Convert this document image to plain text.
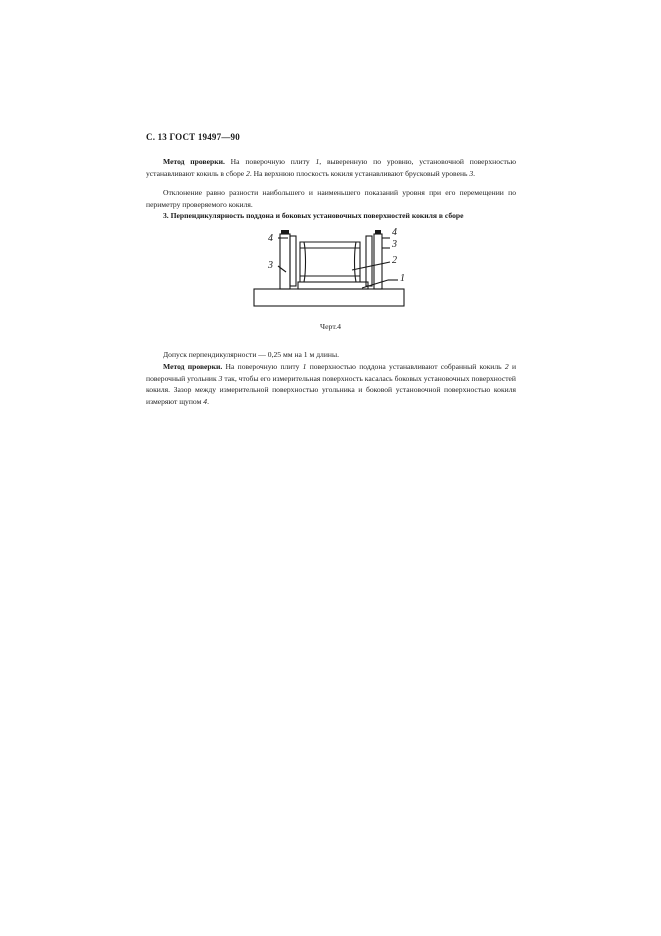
С. 13 ГОСТ 19497—90
Метод проверки. На поверочную плиту 1, выверенную по уровню, установочной поверхностью устанавливают кокиль в сборе 2. На верхнюю плоскость кокиля устанавливают брусковый уровень 3.
Отклонение равно разности наибольшего и наименьшего показаний уровня при его перемещении по периметру проверяемого кокиля.
3. Перпендикулярность поддона и боковых установочных поверхностей кокиля в сборе
4
3
4
3
2
1
Черт.4
Допуск перпендикулярности — 0,25 мм на 1 м длины.
Метод проверки. На поверочную плиту 1 поверхностью поддона устанавливают собранный кокиль 2 и поверочный угольник 3 так, чтобы его измерительная поверхность касалась боковых установочных поверхностей кокиля. Зазор между измерительной поверхностью угольника и боковой установочной поверхностью кокиля измеряют щупом 4.
